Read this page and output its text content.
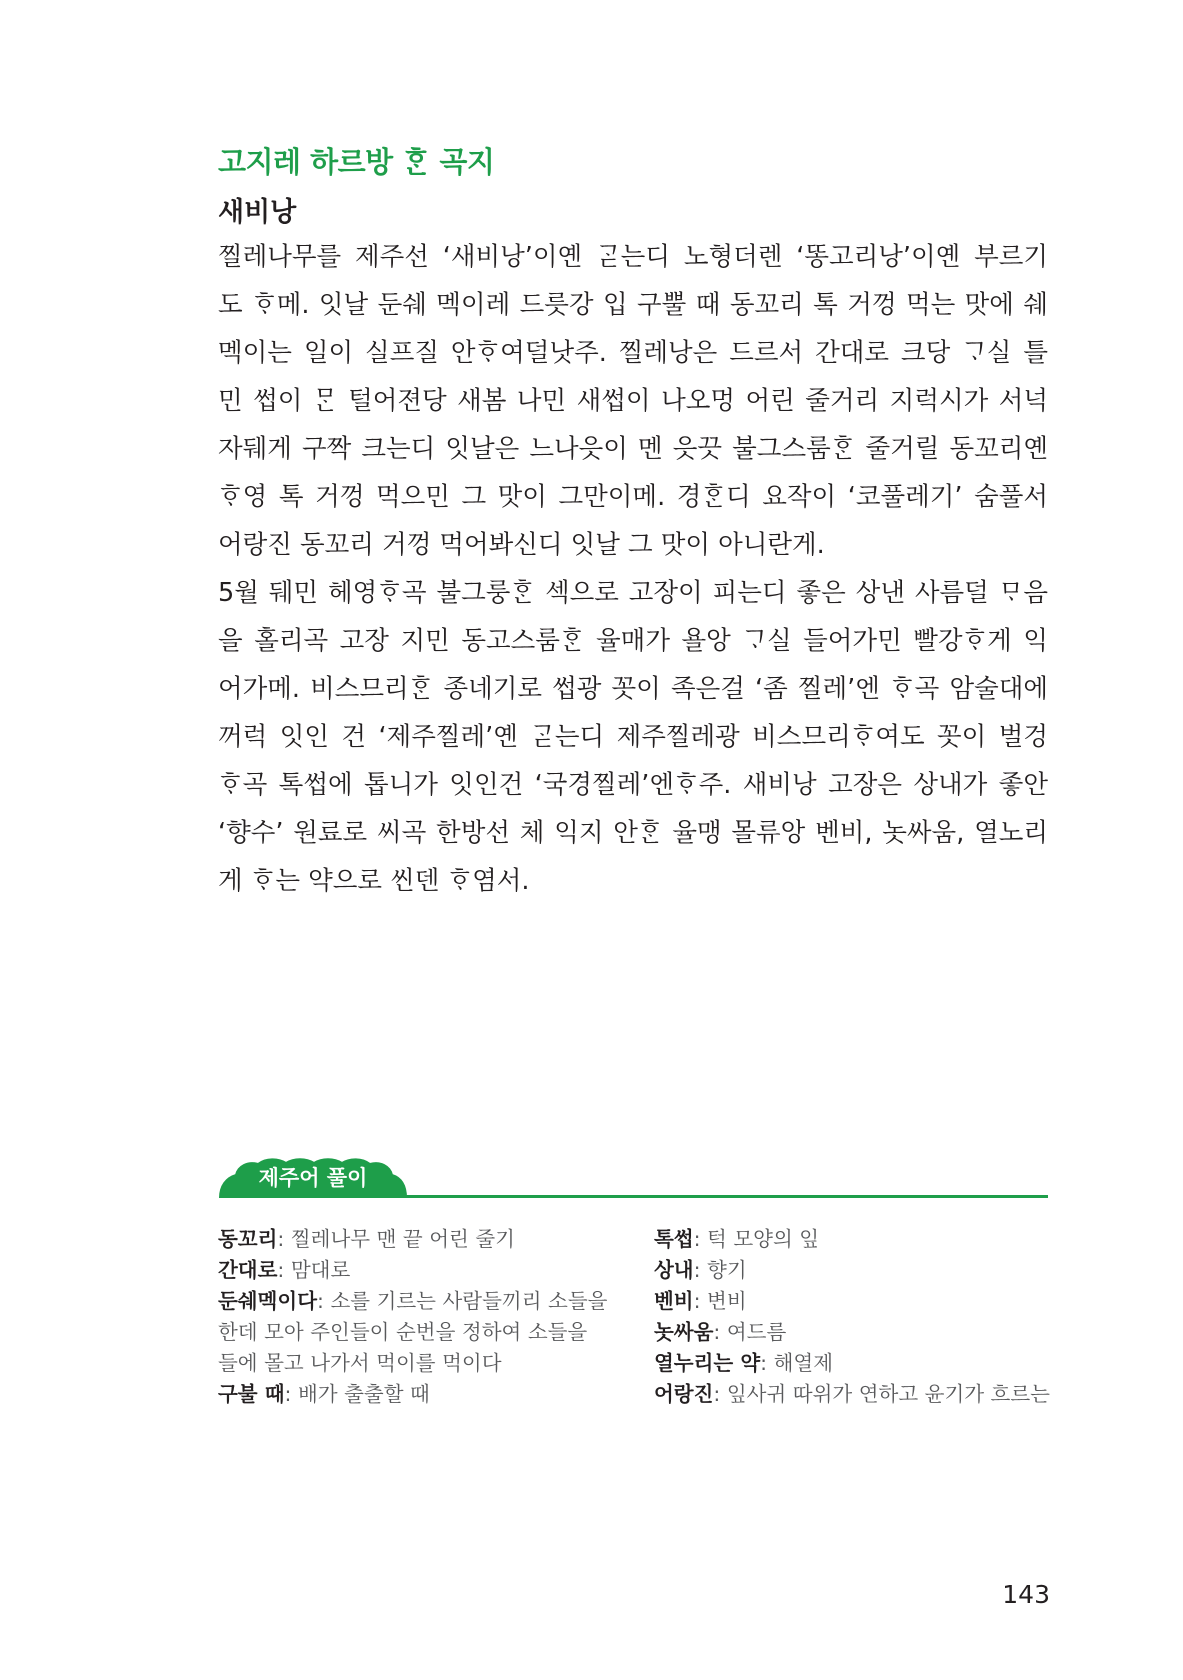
고지레 하르방 ᄒᆞᆫ 곡지
새비낭
찔레나무를 제주선 ‘새비낭’이옌 ᄀᆞᆮ는디 노형더렌 ‘똥고리낭’이옌 부르기
도 ᄒᆞ메. 잇날 둔쉐 멕이레 드릇강 입 구뿔 때 동꼬리 톡 거껑 먹는 맛에 쉐
멕이는 일이 실프질 안ᄒᆞ여덜낫주. 찔레낭은 드르서 간대로 크당 ᄀᆞ실 틀
민 썹이 ᄆᆞᆫ 털어젼당 새봄 나민 새썹이 나오멍 어린 줄거리 지럭시가 서넉
자뒈게 구짝 크는디 잇날은 느나읏이 멘 읏끗 불그스룸ᄒᆞᆫ 줄거릴 동꼬리옌
ᄒᆞ영 톡 거껑 먹으민 그 맛이 그만이메. 경ᄒᆞᆫ디 요작이 ‘코풀레기’ 숨풀서
어랑진 동꼬리 거껑 먹어봐신디 잇날 그 맛이 아니란게.
5월 뒈민 헤영ᄒᆞ곡 불그룽ᄒᆞᆫ 섹으로 고장이 피는디 좋은 상낸 사름덜 ᄆᆞ음
을 홀리곡 고장 지민 동고스룸ᄒᆞᆫ 율매가 욜앙 ᄀᆞ실 들어가민 빨강ᄒᆞ게 익
어가메. 비스므리ᄒᆞᆫ 종네기로 썹광 꼿이 족은걸 ‘좀 찔레’엔 ᄒᆞ곡 암술대에
꺼럭 잇인 건 ‘제주찔레’옌 ᄀᆞᆮ는디 제주찔레광 비스므리ᄒᆞ여도 꼿이 벌겅
ᄒᆞ곡 톡썹에 톱니가 잇인건 ‘국경찔레’엔ᄒᆞ주. 새비낭 고장은 상내가 좋안
‘향수’ 원료로 씨곡 한방선 체 익지 안ᄒᆞᆫ 율맹 몰류앙 벤비, 놋싸움, 열노리
게 ᄒᆞ는 약으로 씬덴 ᄒᆞ염서.
제주어 풀이
동꼬리: 찔레나무 맨 끝 어린 줄기
간대로: 맘대로
둔쉐멕이다: 소를 기르는 사람들끼리 소들을
한데 모아 주인들이 순번을 정하여 소들을
들에 몰고 나가서 먹이를 먹이다
구불 때: 배가 출출할 때
톡썹: 턱 모양의 잎
상내: 향기
벤비: 변비
놋싸움: 여드름
열누리는 약: 해열제
어랑진: 잎사귀 따위가 연하고 윤기가 흐르는
143
